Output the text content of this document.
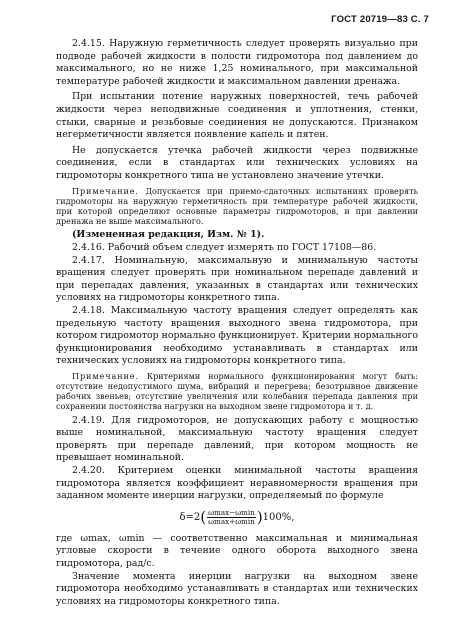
ГОСТ 20719—83 С. 7

2.4.15. Наружную герметичность следует проверять визуально при подводе рабочей жидкости в полости гидромотора под давлением до максимального, но не ниже 1,25 номинального, при максимальной температуре рабочей жидкости и максимальном давлении дренажа.

При испытании потение наружных поверхностей, течь рабочей жидкости через неподвижные соединения и уплотнения, стенки, стыки, сварные и резьбовые соединения не допускаются. Признаком негерметичности является появление капель и пятен.

Не допускается утечка рабочей жидкости через подвижные соединения, если в стандартах или технических условиях на гидромоторы конкретного типа не установлено значение утечки.

Примечание. Допускается при приемо-сдаточных испытаниях проверять гидромоторы на наружную герметичность при температуре рабочей жидкости, при которой определяют основные параметры гидромоторов, и при давлении дренажа не выше максимального.

(Измененная редакция, Изм. № 1).

2.4.16. Рабочий объем следует измерять по ГОСТ 17108—86.

2.4.17. Номинальную, максимальную и минимальную частоты вращения следует проверять при номинальном перепаде давлений и при перепадах давления, указанных в стандартах или технических условиях на гидромоторы конкретного типа.

2.4.18. Максимальную частоту вращения следует определять как предельную частоту вращения выходного звена гидромотора, при котором гидромотор нормально функционирует. Критерии нормального функционирования необходимо устанавливать в стандартах или технических условиях на гидромоторы конкретного типа.

Примечание. Критериями нормального функционирования могут быть: отсутствие недопустимого шума, вибраций и перегрева; безотрывное движение рабочих звеньев; отсутствие увеличения или колебания перепада давления при сохранении постоянства нагрузки на выходном звене гидромотора и т. д.

2.4.19. Для гидромоторов, не допускающих работу с мощностью выше номинальной, максимальную частоту вращения следует проверять при перепаде давлений, при котором мощность не превышает номинальной.

2.4.20. Критерием оценки минимальной частоты вращения гидромотора является коэффициент неравномерности вращения при заданном моменте инерции нагрузки, определяемый по формуле

δ=2 ( $\frac{\omega\max-\omega\min}{\omega\max+\omega\min}$ ) 100%,

где ωmax, ωmin — соответственно максимальная и минимальная угловые скорости в течение одного оборота выходного звена гидромотора, рад/с.

Значение момента инерции нагрузки на выходном звене гидромотора необходимо устанавливать в стандартах или технических условиях на гидромоторы конкретного типа.
